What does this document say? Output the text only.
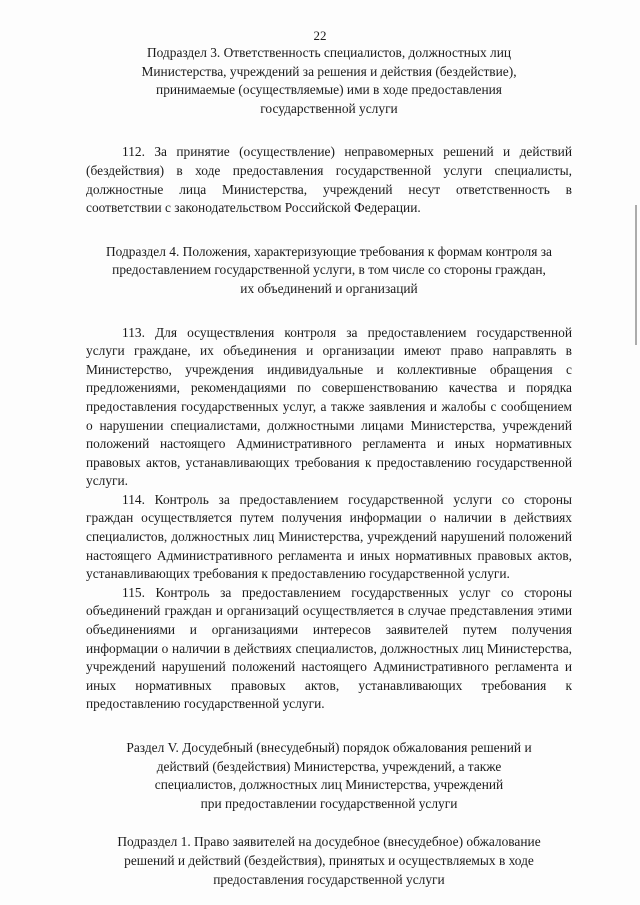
22
Подраздел 3. Ответственность специалистов, должностных лиц
Министерства, учреждений за решения и действия (бездействие),
принимаемые (осуществляемые) ими в ходе предоставления
государственной услуги

112. За принятие (осуществление) неправомерных решений и действий (бездействия) в ходе предоставления государственной услуги специалисты, должностные лица Министерства, учреждений несут ответственность в соответствии с законодательством Российской Федерации.

Подраздел 4. Положения, характеризующие требования к формам контроля за
предоставлением государственной услуги, в том числе со стороны граждан,
их объединений и организаций

113. Для осуществления контроля за предоставлением государственной услуги граждане, их объединения и организации имеют право направлять в Министерство, учреждения индивидуальные и коллективные обращения с предложениями, рекомендациями по совершенствованию качества и порядка предоставления государственных услуг, а также заявления и жалобы с сообщением о нарушении специалистами, должностными лицами Министерства, учреждений положений настоящего Административного регламента и иных нормативных правовых актов, устанавливающих требования к предоставлению государственной услуги.

114. Контроль за предоставлением государственной услуги со стороны граждан осуществляется путем получения информации о наличии в действиях специалистов, должностных лиц Министерства, учреждений нарушений положений настоящего Административного регламента и иных нормативных правовых актов, устанавливающих требования к предоставлению государственной услуги.

115. Контроль за предоставлением государственных услуг со стороны объединений граждан и организаций осуществляется в случае представления этими объединениями и организациями интересов заявителей путем получения информации о наличии в действиях специалистов, должностных лиц Министерства, учреждений нарушений положений настоящего Административного регламента и иных нормативных правовых актов, устанавливающих требования к предоставлению государственной услуги.

Раздел V. Досудебный (внесудебный) порядок обжалования решений и
действий (бездействия) Министерства, учреждений, а также
специалистов, должностных лиц Министерства, учреждений
при предоставлении государственной услуги
Подраздел 1. Право заявителей на досудебное (внесудебное) обжалование
решений и действий (бездействия), принятых и осуществляемых в ходе
предоставления государственной услуги
